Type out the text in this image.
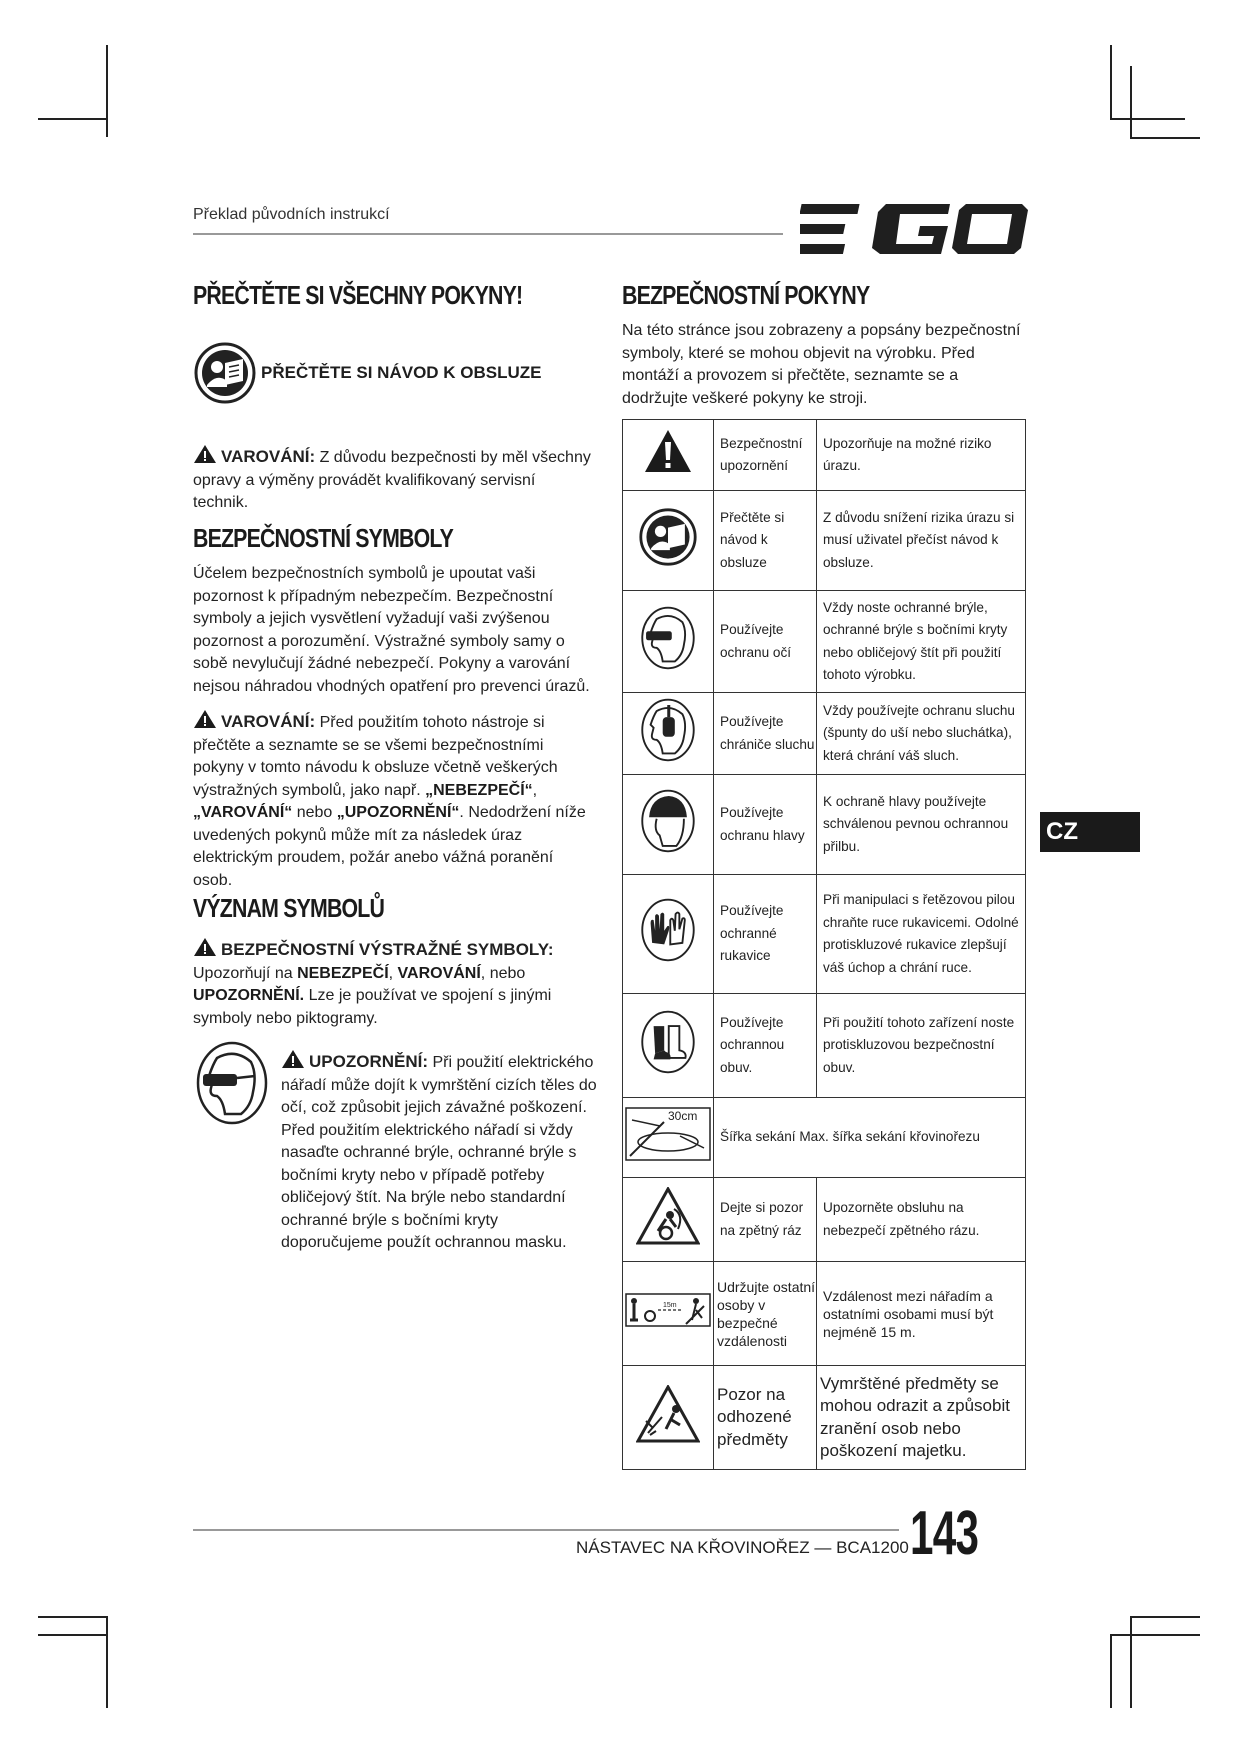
Překlad původních instrukcí
PŘEČTĚTE SI VŠECHNY POKYNY!
PŘEČTĚTE SI NÁVOD K OBSLUZE
VAROVÁNÍ: Z důvodu bezpečnosti by měl všechny opravy a výměny provádět kvalifikovaný servisní technik.
BEZPEČNOSTNÍ SYMBOLY
Účelem bezpečnostních symbolů je upoutat vaši pozornost k případným nebezpečím. Bezpečnostní symboly a jejich vysvětlení vyžadují vaši zvýšenou pozornost a porozumění. Výstražné symboly samy o sobě nevylučují žádné nebezpečí. Pokyny a varování nejsou náhradou vhodných opatření pro prevenci úrazů.
VAROVÁNÍ: Před použitím tohoto nástroje si přečtěte a seznamte se se všemi bezpečnostními pokyny v tomto návodu k obsluze včetně veškerých výstražných symbolů, jako např. „NEBEZPEČÍ“, „VAROVÁNÍ“ nebo „UPOZORNĚNÍ“. Nedodržení níže uvedených pokynů může mít za následek úraz elektrickým proudem, požár anebo vážná poranění osob.
VÝZNAM SYMBOLŮ
BEZPEČNOSTNÍ VÝSTRAŽNÉ SYMBOLY:
Upozorňují na NEBEZPEČÍ, VAROVÁNÍ, nebo UPOZORNĚNÍ. Lze je používat ve spojení s jinými symboly nebo piktogramy.
UPOZORNĚNÍ: Při použití elektrického nářadí může dojít k vymrštění cizích těles do očí, což způsobit jejich závažné poškození. Před použitím elektrického nářadí si vždy nasaďte ochranné brýle, ochranné brýle s bočními kryty nebo v případě potřeby obličejový štít. Na brýle nebo standardní ochranné brýle s bočními kryty doporučujeme použít ochrannou masku.
BEZPEČNOSTNÍ POKYNY
Na této stránce jsou zobrazeny a popsány bezpečnostní symboly, které se mohou objevit na výrobku. Před montáží a provozem si přečtěte, seznamte se a dodržujte veškeré pokyny ke stroji.
	Bezpečnostní upozornění	Upozorňuje na možné riziko úrazu.
	Přečtěte si návod k obsluze	Z důvodu snížení rizika úrazu si musí uživatel přečíst návod k obsluze.
	Používejte ochranu očí	Vždy noste ochranné brýle, ochranné brýle s bočními kryty nebo obličejový štít při použití tohoto výrobku.
	Používejte chrániče sluchu	Vždy používejte ochranu sluchu (špunty do uší nebo sluchátka), která chrání váš sluch.
	Používejte ochranu hlavy	K ochraně hlavy používejte schválenou pevnou ochrannou přilbu.
	Používejte ochranné rukavice	Při manipulaci s řetězovou pilou chraňte ruce rukavicemi. Odolné protiskluzové rukavice zlepšují váš úchop a chrání ruce.
	Používejte ochrannou obuv.	Při použití tohoto zařízení noste protiskluzovou bezpečnostní obuv.

30cm	Šířka sekání Max. šířka sekání křovinořezu	
	Dejte si pozor na zpětný ráz	Upozorněte obsluhu na nebezpečí zpětného rázu.

15m	Udržujte ostatní osoby v bezpečné vzdálenosti	Vzdálenost mezi nářadím a ostatními osobami musí být nejméně 15 m.
	Pozor na odhozené předměty	Vymrštěné předměty se mohou odrazit a způsobit zranění osob nebo poškození majetku.
CZ
NÁSTAVEC NA KŘOVINOŘEZ — BCA1200 143
